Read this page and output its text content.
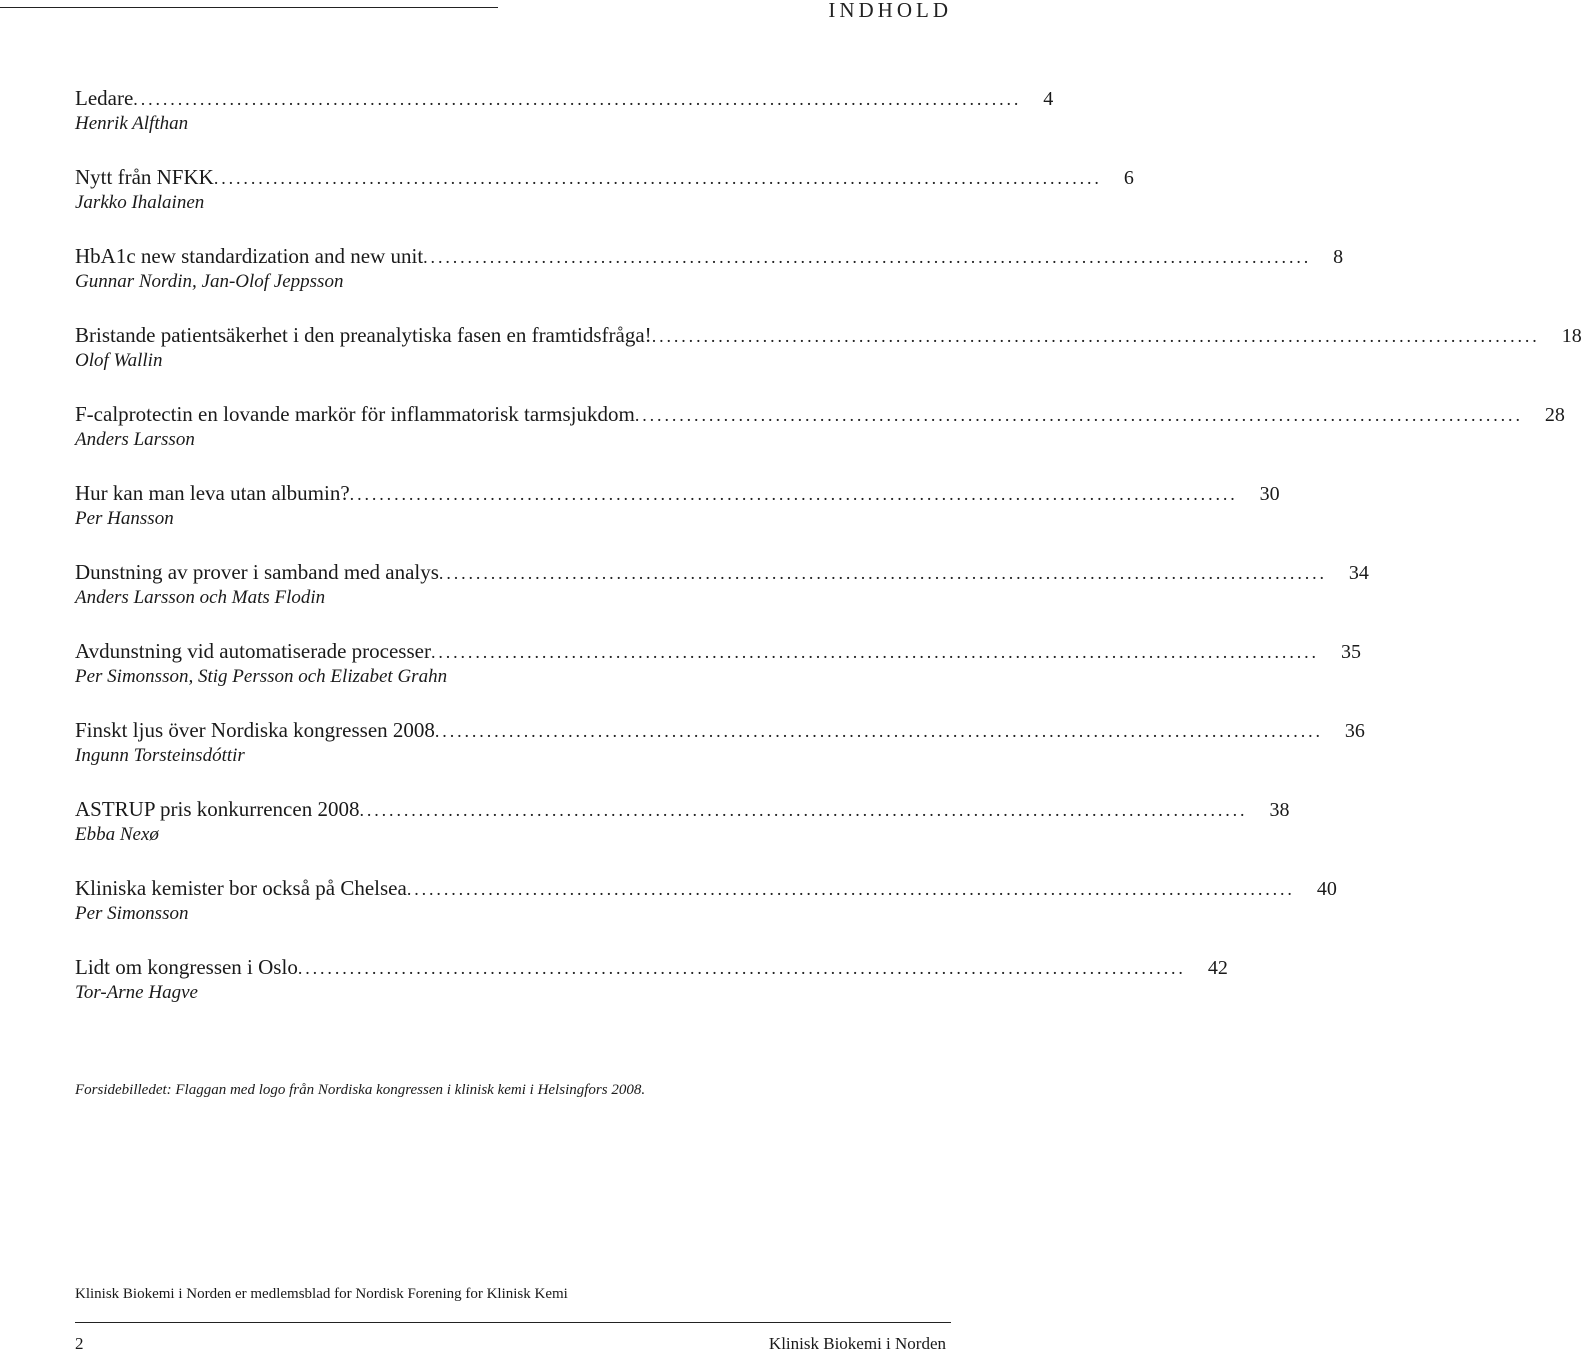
INDHOLD
Ledare ........................................................................................................................ 4
Henrik Alfthan
Nytt från NFKK ........................................................................................................................ 6
Jarkko Ihalainen
HbA1c new standardization and new unit ........................................................................................................................ 8
Gunnar Nordin, Jan-Olof Jeppsson
Bristande patientsäkerhet i den preanalytiska fasen en framtidsfråga! ........................................................................................................................ 18
Olof Wallin
F-calprotectin en lovande markör för inflammatorisk tarmsjukdom ........................................................................................................................ 28
Anders Larsson
Hur kan man leva utan albumin? ........................................................................................................................ 30
Per Hansson
Dunstning av prover i samband med analys ........................................................................................................................ 34
Anders Larsson och Mats Flodin
Avdunstning vid automatiserade processer ........................................................................................................................ 35
Per Simonsson, Stig Persson och Elizabet Grahn
Finskt ljus över Nordiska kongressen 2008 ........................................................................................................................ 36
Ingunn Torsteinsdóttir
ASTRUP pris konkurrencen 2008 ........................................................................................................................ 38
Ebba Nexø
Kliniska kemister bor också på Chelsea ........................................................................................................................ 40
Per Simonsson
Lidt om kongressen i Oslo ........................................................................................................................ 42
Tor-Arne Hagve
Forsidebilledet: Flaggan med logo från Nordiska kongressen i klinisk kemi i Helsingfors 2008.
Klinisk Biokemi i Norden er medlemsblad for Nordisk Forening for Klinisk Kemi
2	Klinisk Biokemi i Norden
